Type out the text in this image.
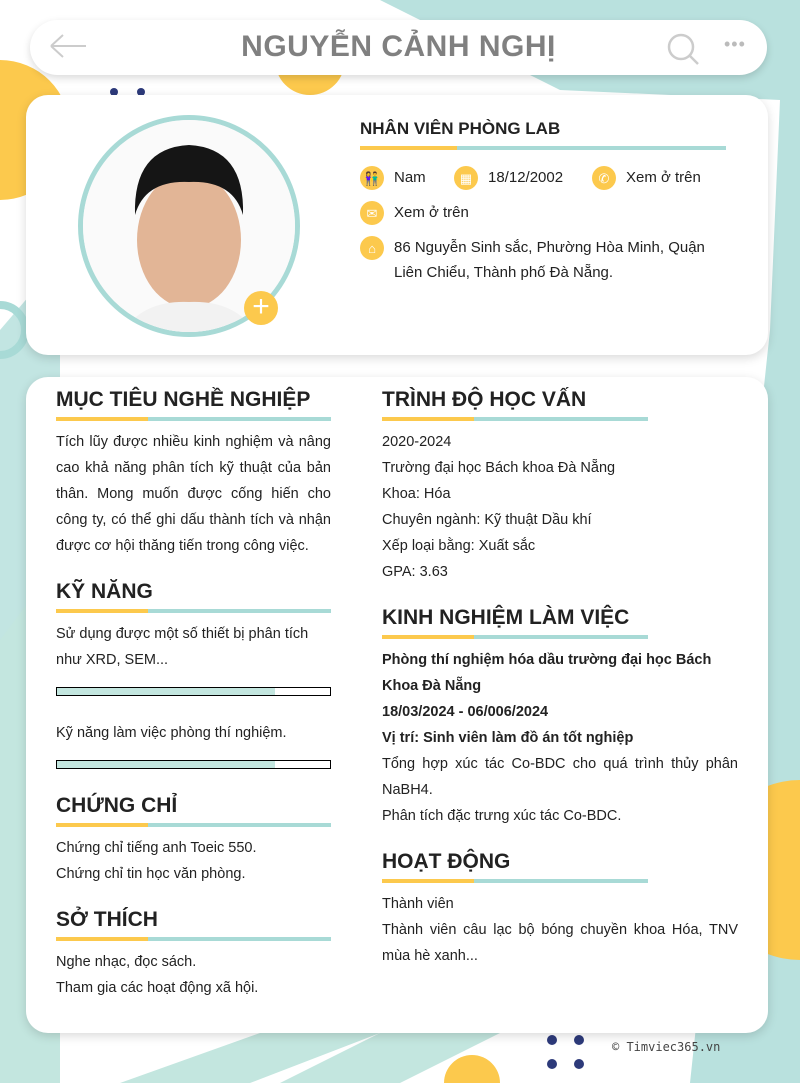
NGUYỄN CẢNH NGHỊ	•••
+
NHÂN VIÊN PHÒNG LAB
👫 Nam	▦	18/12/2002	✆	Xem ở trên
✉	Xem ở trên
⌂	86 Nguyễn Sinh sắc, Phường Hòa Minh, Quận Liên Chiểu, Thành phố Đà Nẵng.
MỤC TIÊU NGHỀ NGHIỆP
Tích lũy được nhiều kinh nghiệm và nâng cao khả năng phân tích kỹ thuật của bản thân. Mong muốn được cống hiến cho công ty, có thể ghi dấu thành tích và nhận được cơ hội thăng tiến trong công việc.
KỸ NĂNG
Sử dụng được một số thiết bị phân tích như XRD, SEM...
Kỹ năng làm việc phòng thí nghiệm.
CHỨNG CHỈ
Chứng chỉ tiếng anh Toeic 550.
Chứng chỉ tin học văn phòng.
SỞ THÍCH
Nghe nhạc, đọc sách.
Tham gia các hoạt động xã hội.
TRÌNH ĐỘ HỌC VẤN
2020-2024
Trường đại học Bách khoa Đà Nẵng
Khoa: Hóa
Chuyên ngành: Kỹ thuật Dầu khí
Xếp loại bằng: Xuất sắc
GPA: 3.63
KINH NGHIỆM LÀM VIỆC
Phòng thí nghiệm hóa dầu trường đại học Bách Khoa Đà Nẵng
18/03/2024 - 06/006/2024
Vị trí: Sinh viên làm đồ án tốt nghiệp
Tổng hợp xúc tác Co-BDC cho quá trình thủy phân NaBH4.
Phân tích đặc trưng xúc tác Co-BDC.
HOẠT ĐỘNG
Thành viên
Thành viên câu lạc bộ bóng chuyền khoa Hóa, TNV mùa hè xanh...
© Timviec365.vn
